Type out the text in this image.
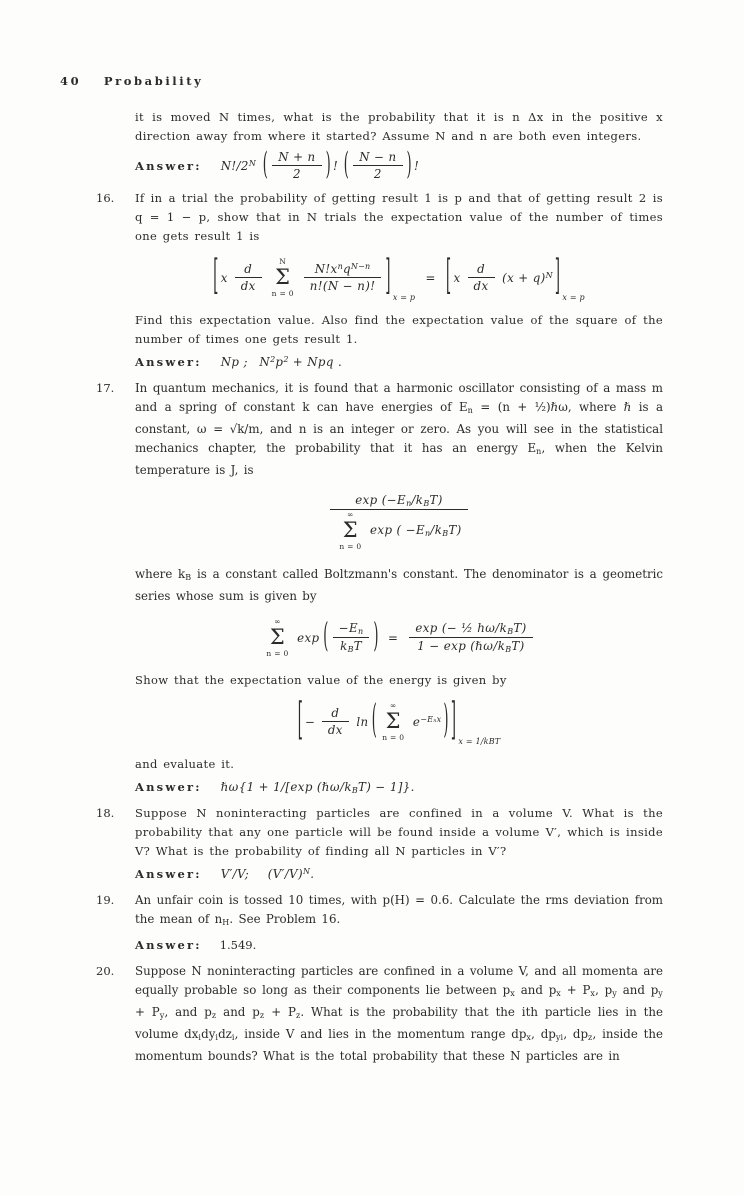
40 Probability

it is moved N times, what is the probability that it is n Δx in the positive x direction away from where it started? Assume N and n are both even integers.

Answer: $N!/2^N$ ( $\frac{N + n}{2}$ ) ! ( $\frac{N - n}{2}$ ) !
16. If in a trial the probability of getting result 1 is p and that of getting result 2 is q = 1 − p, show that in N trials the expectation value of the number of times one gets result 1 is

[ x $\frac{d}{dx}$ N
Σ
$n = 0 \frac{N!x^nq^{N-n}}{n!(N - n)!}$ ] $_{x = p}$
= [ x $\frac{d}{dx} (x + q)^N$ ] $_{x = p}$

Find this expectation value. Also find the expectation value of the square of the number of times one gets result 1.

Answer: Np ; $N^2p^2$ + Npq .
17. In quantum mechanics, it is found that a harmonic oscillator consisting of a mass m and a spring of constant k can have energies of $E_n = (n$ + ½)ℏω, where ℏ is a constant, ω = √k/m, and n is an integer or zero. As you will see in the statistical mechanics chapter, the probability that it has an energy $E_n$, when the Kelvin temperature is J, is

$\exp (-E_n/k_BT)$
∞
Σ
n = 0
exp ( $-E_n/k_BT$)

where $k_B$ is a constant called Boltzmann's constant. The denominator is a geometric series whose sum is given by

∞
Σ
n = 0
exp ( $\frac{-E_n}{k_BT}$ ) = $\frac{\exp (- \frac{1}{2} h\omega/k_BT)}{1 - \exp (\hbar\omega/k_BT)}$

Show that the expectation value of the energy is given by

[ − $\frac{d}{dx}$ ln ( ∞
Σ
n = 0
$e^{-E_nx}$ ) ] $_{x = 1/kBT}$

and evaluate it.

Answer: ℏω{1 + 1/[exp $(\hbar\omega/k_BT) - 1$]}.
18. Suppose N noninteracting particles are confined in a volume V. What is the probability that any one particle will be found inside a volume V′, which is inside V? What is the probability of finding all N particles in V′?

Answer: V′/V; $(V'/V)^N$.
19. An unfair coin is tossed 10 times, with p(H) = 0.6. Calculate the rms deviation from the mean of $n_H$. See Problem 16.

Answer: 1.549.
20. Suppose N noninteracting particles are confined in a volume V, and all momenta are equally probable so long as their components lie between $p_x$ and $p_x + P_x$, $p_y$ and $p_y + P_y$, and $p_z$ and $p_z + P_z$. What is the probability that the ith particle lies in the volume $dx_idy_idz_i$, inside V and lies in the momentum range $dp_x$, $dp_{yi}$, $dp_z$, inside the momentum bounds? What is the total probability that these N particles are in
